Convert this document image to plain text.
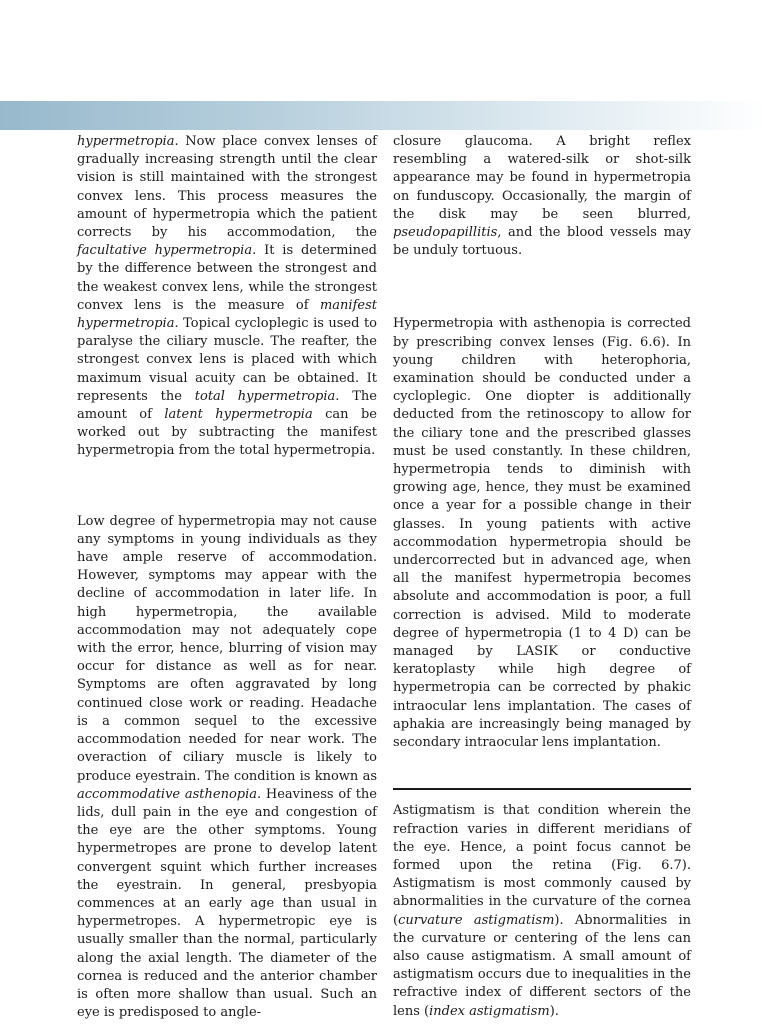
hypermetropia. Now place convex lenses of gradually increasing strength until the clear vision is still maintained with the strongest convex lens. This process measures the amount of hypermetropia which the patient corrects by his accommodation, the facultative hypermetropia. It is determined by the difference between the strongest and the weakest convex lens, while the strongest convex lens is the measure of manifest hypermetropia. Topical cycloplegic is used to paralyse the ciliary muscle. The reafter, the strongest convex lens is placed with which maximum visual acuity can be obtained. It represents the total hypermetropia. The amount of latent hypermetropia can be worked out by subtracting the manifest hypermetropia from the total hypermetropia.

Low degree of hypermetropia may not cause any symptoms in young individuals as they have ample reserve of accommodation. However, symptoms may appear with the decline of accommodation in later life. In high hypermetropia, the available accommodation may not adequately cope with the error, hence, blurring of vision may occur for distance as well as for near. Symptoms are often aggravated by long continued close work or reading. Headache is a common sequel to the excessive accommodation needed for near work. The overaction of ciliary muscle is likely to produce eyestrain. The condition is known as accommodative asthenopia. Heaviness of the lids, dull pain in the eye and congestion of the eye are the other symptoms. Young hypermetropes are prone to develop latent convergent squint which further increases the eyestrain. In general, presbyopia commences at an early age than usual in hypermetropes. A hypermetropic eye is usually smaller than the normal, particularly along the axial length. The diameter of the cornea is reduced and the anterior chamber is often more shallow than usual. Such an eye is predisposed to angle-

closure glaucoma. A bright reflex resembling a watered-silk or shot-silk appearance may be found in hypermetropia on funduscopy. Occasionally, the margin of the disk may be seen blurred, pseudopapillitis, and the blood vessels may be unduly tortuous.

Hypermetropia with asthenopia is corrected by prescribing convex lenses (Fig. 6.6). In young children with heterophoria, examination should be conducted under a cycloplegic. One diopter is additionally deducted from the retinoscopy to allow for the ciliary tone and the prescribed glasses must be used constantly. In these children, hypermetropia tends to diminish with growing age, hence, they must be examined once a year for a possible change in their glasses. In young patients with active accommodation hypermetropia should be undercorrected but in advanced age, when all the manifest hypermetropia becomes absolute and accommodation is poor, a full correction is advised. Mild to moderate degree of hypermetropia (1 to 4 D) can be managed by LASIK or conductive keratoplasty while high degree of hypermetropia can be corrected by phakic intraocular lens implantation. The cases of aphakia are increasingly being managed by secondary intraocular lens implantation.

Astigmatism is that condition wherein the refraction varies in different meridians of the eye. Hence, a point focus cannot be formed upon the retina (Fig. 6.7). Astigmatism is most commonly caused by abnormalities in the curvature of the cornea (curvature astigmatism). Abnormalities in the curvature or centering of the lens can also cause astigmatism. A small amount of astigmatism occurs due to inequalities in the refractive index of different sectors of the lens (index astigmatism).
